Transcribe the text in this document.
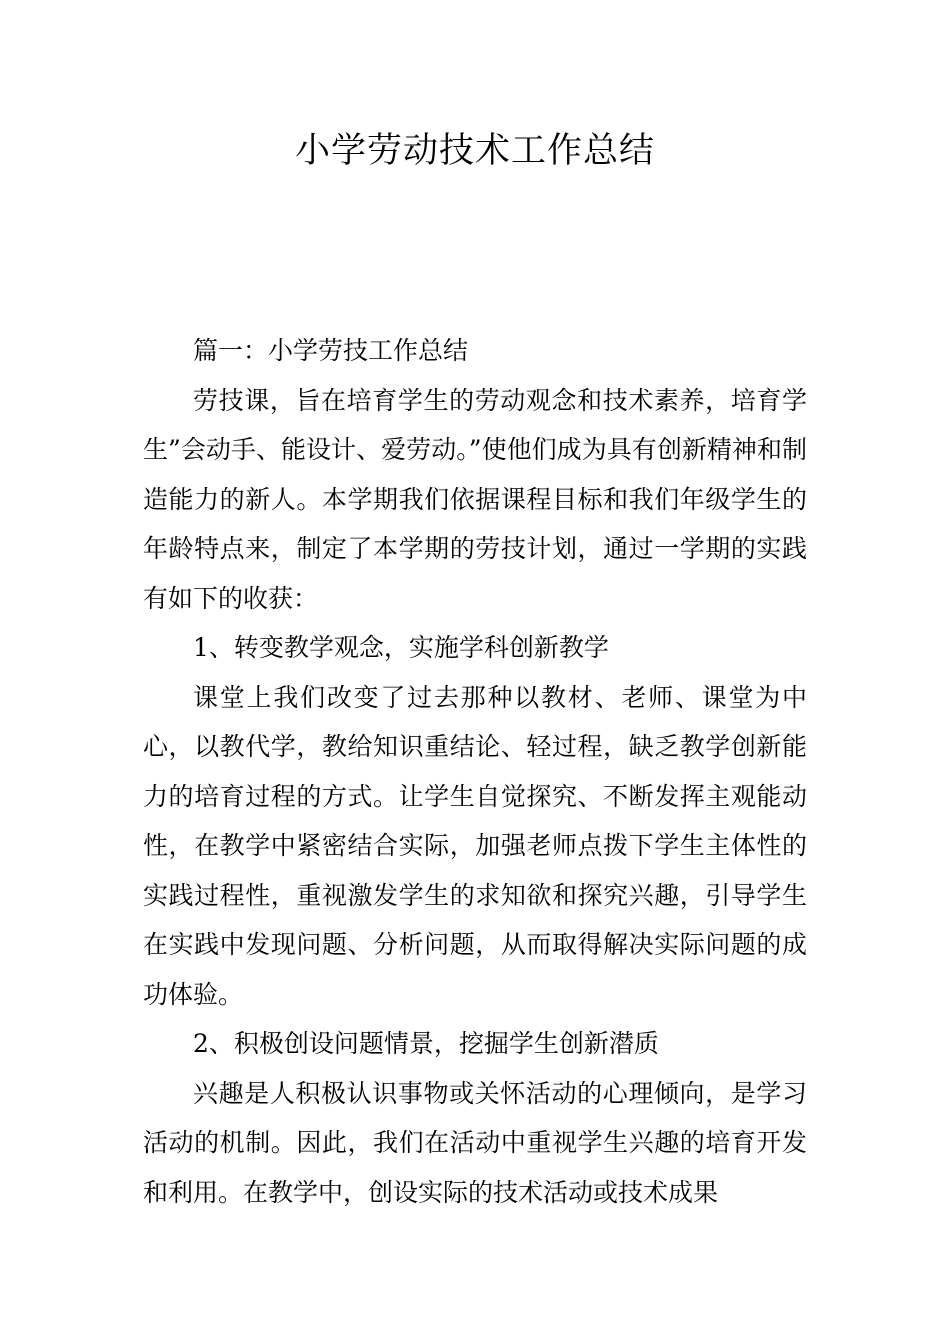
小学劳动技术工作总结

篇一：小学劳技工作总结

劳技课，旨在培育学生的劳动观念和技术素养，培育学生”会动手、能设计、爱劳动。”使他们成为具有创新精神和制造能力的新人。本学期我们依据课程目标和我们年级学生的年龄特点来，制定了本学期的劳技计划，通过一学期的实践有如下的收获：

1、转变教学观念，实施学科创新教学

课堂上我们改变了过去那种以教材、老师、课堂为中心，以教代学，教给知识重结论、轻过程，缺乏教学创新能力的培育过程的方式。让学生自觉探究、不断发挥主观能动性，在教学中紧密结合实际，加强老师点拨下学生主体性的实践过程性，重视激发学生的求知欲和探究兴趣，引导学生在实践中发现问题、分析问题，从而取得解决实际问题的成功体验。

2、积极创设问题情景，挖掘学生创新潜质

兴趣是人积极认识事物或关怀活动的心理倾向，是学习活动的机制。因此，我们在活动中重视学生兴趣的培育开发和利用。在教学中，创设实际的技术活动或技术成果
